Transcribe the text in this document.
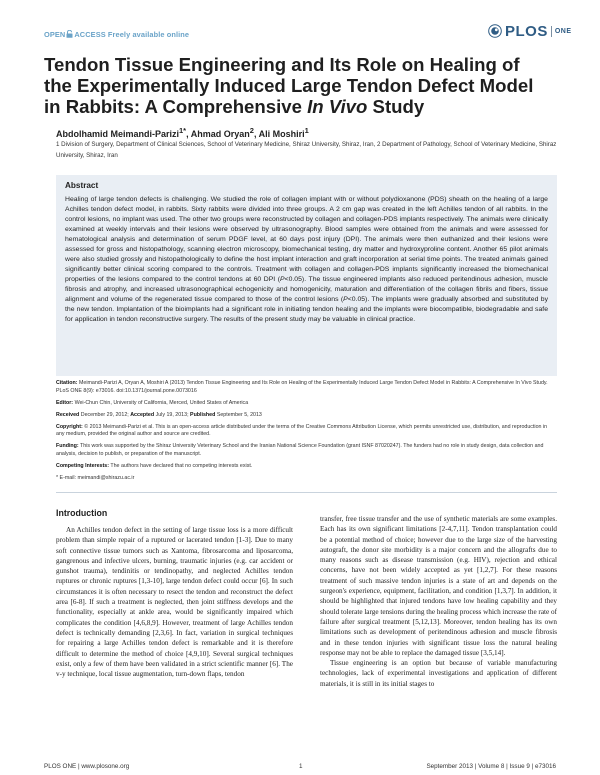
OPEN ACCESS Freely available online	PLOS ONE
Tendon Tissue Engineering and Its Role on Healing of
the Experimentally Induced Large Tendon Defect Model
in Rabbits: A Comprehensive In Vivo Study
Abdolhamid Meimandi-Parizi$^{1*}$, Ahmad Oryan$^2$, Ali Moshiri$^1$
1 Division of Surgery, Department of Clinical Sciences, School of Veterinary Medicine, Shiraz University, Shiraz, Iran, 2 Department of Pathology, School of Veterinary Medicine, Shiraz University, Shiraz, Iran
Abstract

Healing of large tendon defects is challenging. We studied the role of collagen implant with or without polydioxanone (PDS) sheath on the healing of a large Achilles tendon defect model, in rabbits. Sixty rabbits were divided into three groups. A 2 cm gap was created in the left Achilles tendon of all rabbits. In the control lesions, no implant was used. The other two groups were reconstructed by collagen and collagen-PDS implants respectively. The animals were clinically examined at weekly intervals and their lesions were observed by ultrasonography. Blood samples were obtained from the animals and were assessed for hematological analysis and determination of serum PDGF level, at 60 days post injury (DPI). The animals were then euthanized and their lesions were assessed for gross and histopathology, scanning electron microscopy, biomechanical testing, dry matter and hydroxyproline content. Another 65 pilot animals were also studied grossly and histopathologically to define the host implant interaction and graft incorporation at serial time points. The treated animals gained significantly better clinical scoring compared to the controls. Treatment with collagen and collagen-PDS implants significantly increased the biomechanical properties of the lesions compared to the control tendons at 60 DPI (P<0.05). The tissue engineered implants also reduced peritendinous adhesion, muscle fibrosis and atrophy, and increased ultrasonographical echogenicity and homogenicity, maturation and differentiation of the collagen fibrils and fibers, tissue alignment and volume of the regenerated tissue compared to those of the control lesions (P<0.05). The implants were gradually absorbed and substituted by the new tendon. Implantation of the bioimplants had a significant role in initiating tendon healing and the implants were biocompatible, biodegradable and safe for application in tendon reconstructive surgery. The results of the present study may be valuable in clinical practice.

Citation: Meimandi-Parizi A, Oryan A, Moshiri A (2013) Tendon Tissue Engineering and Its Role on Healing of the Experimentally Induced Large Tendon Defect Model in Rabbits: A Comprehensive In Vivo Study. PLoS ONE 8(9): e73016. doi:10.1371/journal.pone.0073016

Editor: Wei-Chun Chin, University of California, Merced, United States of America

Received December 29, 2012; Accepted July 19, 2013; Published September 5, 2013

Copyright: © 2013 Meimandi-Parizi et al. This is an open-access article distributed under the terms of the Creative Commons Attribution License, which permits unrestricted use, distribution, and reproduction in any medium, provided the original author and source are credited.

Funding: This work was supported by the Shiraz University Veterinary School and the Iranian National Science Foundation (grant ISNF 87020247). The funders had no role in study design, data collection and analysis, decision to publish, or preparation of the manuscript.

Competing Interests: The authors have declared that no competing interests exist.

* E-mail: meimandi@shirazu.ac.ir

Introduction

An Achilles tendon defect in the setting of large tissue loss is a more difficult problem than simple repair of a ruptured or lacerated tendon [1-3]. Due to many soft connective tissue tumors such as Xantoma, fibrosarcoma and liposarcoma, gangrenous and infective ulcers, burning, traumatic injuries (e.g. car accident or gunshot trauma), tendinitis or tendinopathy, and neglected Achilles tendon ruptures or chronic ruptures [1,3-10], large tendon defect could occur [6]. In such circumstances it is often necessary to resect the tendon and reconstruct the defect area [6-8]. If such a treatment is neglected, then joint stiffness develops and the functionality, especially at ankle area, would be significantly impaired which complicates the condition [4,6,8,9]. However, treatment of large Achilles tendon defect is technically demanding [2,3,6]. In fact, variation in surgical techniques for repairing a large Achilles tendon defect is remarkable and it is therefore difficult to determine the method of choice [4,9,10]. Several surgical techniques exist, only a few of them have been validated in a strict scientific manner [6]. The v-y technique, local tissue augmentation, turn-down flaps, tendon

transfer, free tissue transfer and the use of synthetic materials are some examples. Each has its own significant limitations [2-4,7,11]. Tendon transplantation could be a potential method of choice; however due to the large size of the harvesting autograft, the donor site morbidity is a major concern and the allografts due to many reasons such as disease transmission (e.g. HIV), rejection and ethical concerns, have not been widely accepted as yet [1,2,7]. For these reasons treatment of such massive tendon injuries is a state of art and depends on the surgeon's experience, equipment, facilitation, and condition [1,3,7]. In addition, it should be highlighted that injured tendons have low healing capability and they should tolerate large tensions during the healing process which increase the rate of failure after surgical treatment [5,12,13]. Moreover, tendon healing has its own limitations such as development of peritendinous adhesion and muscle fibrosis and in these tendon injuries with significant tissue loss the natural healing response may not be able to replace the damaged tissue [3,5,14].

Tissue engineering is an option but because of variable manufacturing technologies, lack of experimental investigations and application of different materials, it is still in its initial stages to

PLOS ONE | www.plosone.org	1	September 2013 | Volume 8 | Issue 9 | e73016
